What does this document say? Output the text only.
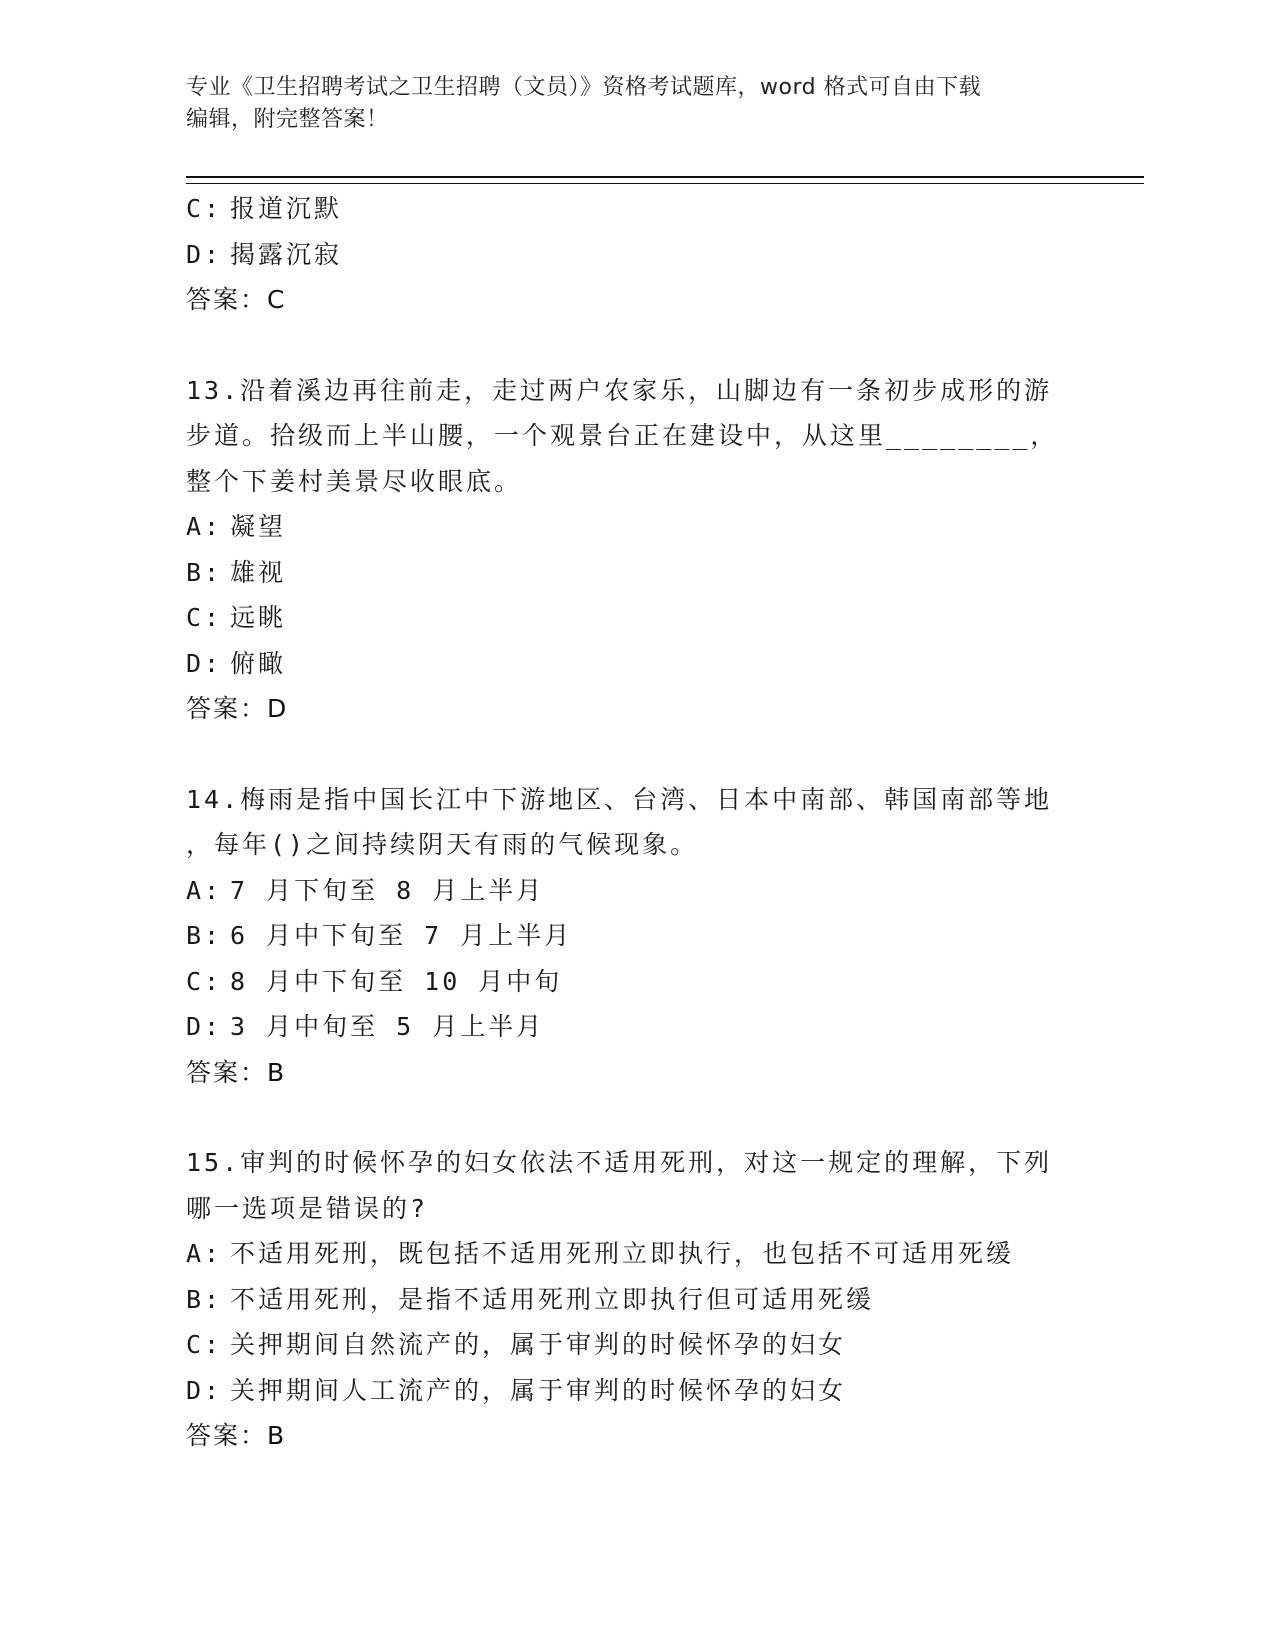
专业《卫生招聘考试之卫生招聘（文员）》资格考试题库，word 格式可自由下载
编辑，附完整答案！
C: 报道沉默
D: 揭露沉寂
答案：C
13.沿着溪边再往前走，走过两户农家乐，山脚边有一条初步成形的游
步道。拾级而上半山腰，一个观景台正在建设中，从这里________，
整个下姜村美景尽收眼底。
A: 凝望
B: 雄视
C: 远眺
D: 俯瞰
答案：D
14.梅雨是指中国长江中下游地区、台湾、日本中南部、韩国南部等地
，每年()之间持续阴天有雨的气候现象。
A: 7 月下旬至 8 月上半月
B: 6 月中下旬至 7 月上半月
C: 8 月中下旬至 10 月中旬
D: 3 月中旬至 5 月上半月
答案：B
15.审判的时候怀孕的妇女依法不适用死刑，对这一规定的理解，下列
哪一选项是错误的?
A: 不适用死刑，既包括不适用死刑立即执行，也包括不可适用死缓
B: 不适用死刑，是指不适用死刑立即执行但可适用死缓
C: 关押期间自然流产的，属于审判的时候怀孕的妇女
D: 关押期间人工流产的，属于审判的时候怀孕的妇女
答案：B
